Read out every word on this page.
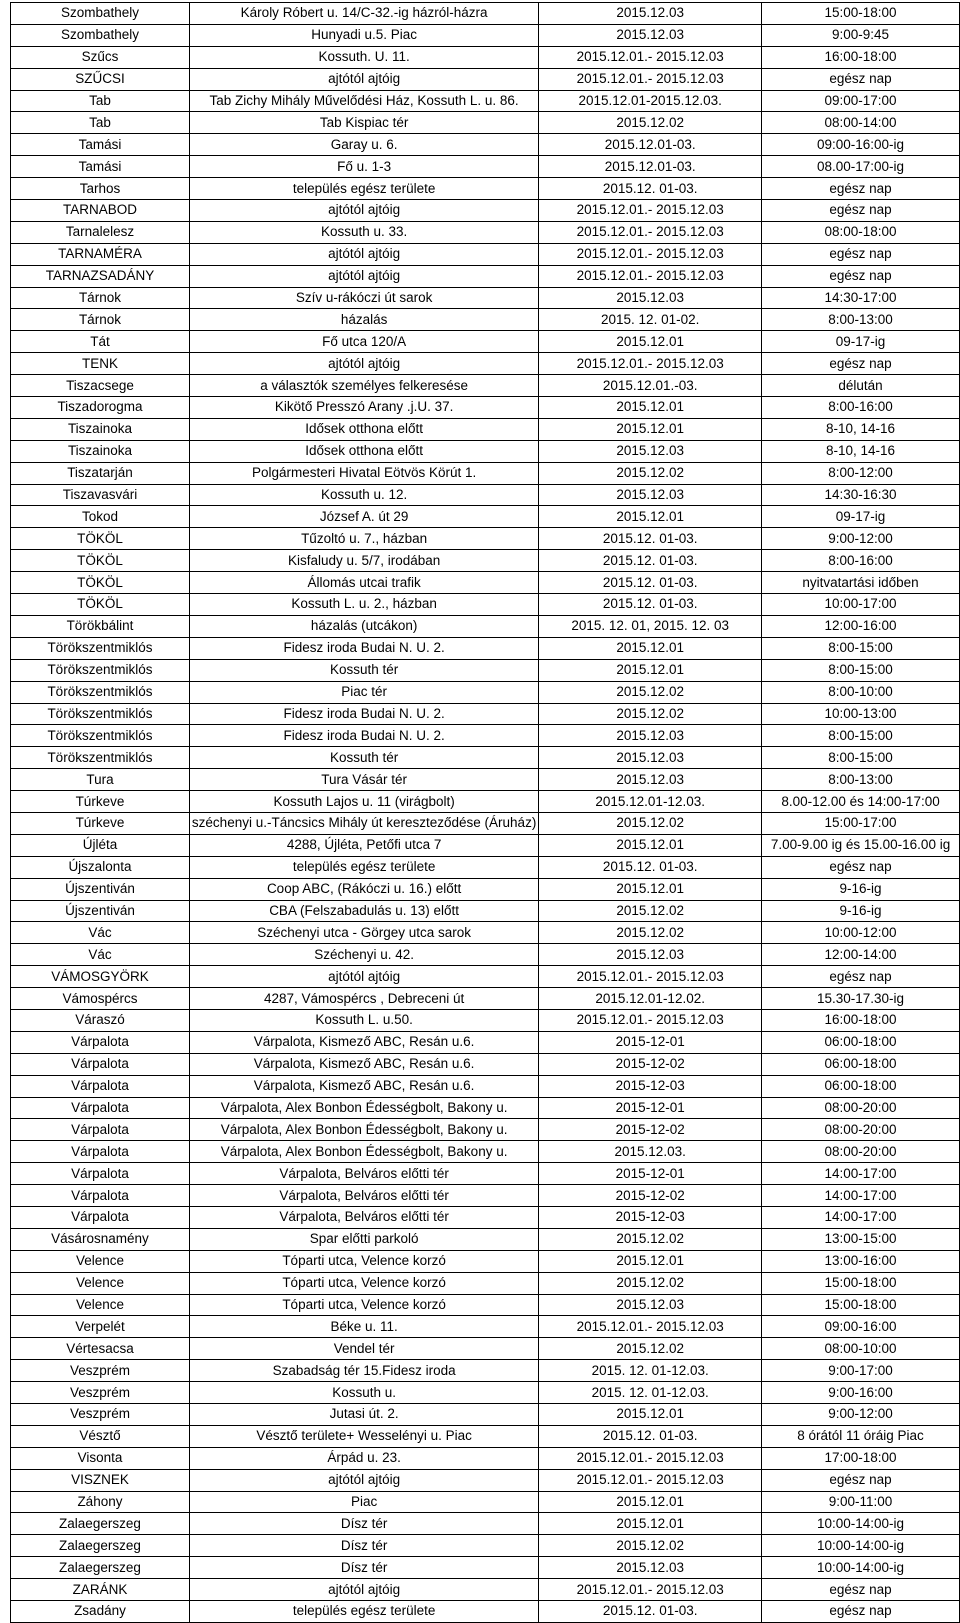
Szombathely	Károly Róbert u. 14/C-32.-ig házról-házra	2015.12.03	15:00-18:00
Szombathely	Hunyadi u.5. Piac	2015.12.03	9:00-9:45
Szűcs	Kossuth. U. 11.	2015.12.01.- 2015.12.03	16:00-18:00
SZŰCSI	ajtótól ajtóig	2015.12.01.- 2015.12.03	egész nap
Tab	Tab Zichy Mihály Művelődési Ház, Kossuth L. u. 86.	2015.12.01-2015.12.03.	09:00-17:00
Tab	Tab Kispiac tér	2015.12.02	08:00-14:00
Tamási	Garay u. 6.	2015.12.01-03.	09:00-16:00-ig
Tamási	Fő u. 1-3	2015.12.01-03.	08.00-17:00-ig
Tarhos	település egész területe	2015.12. 01-03.	egész nap
TARNABOD	ajtótól ajtóig	2015.12.01.- 2015.12.03	egész nap
Tarnalelesz	Kossuth u. 33.	2015.12.01.- 2015.12.03	08:00-18:00
TARNAMÉRA	ajtótól ajtóig	2015.12.01.- 2015.12.03	egész nap
TARNAZSADÁNY	ajtótól ajtóig	2015.12.01.- 2015.12.03	egész nap
Tárnok	Szív u-rákóczi út sarok	2015.12.03	14:30-17:00
Tárnok	házalás	2015. 12. 01-02.	8:00-13:00
Tát	Fő utca 120/A	2015.12.01	09-17-ig
TENK	ajtótól ajtóig	2015.12.01.- 2015.12.03	egész nap
Tiszacsege	a választók személyes felkeresése	2015.12.01.-03.	délután
Tiszadorogma	Kikötő Presszó Arany .j.U. 37.	2015.12.01	8:00-16:00
Tiszainoka	Idősek otthona előtt	2015.12.01	8-10, 14-16
Tiszainoka	Idősek otthona előtt	2015.12.03	8-10, 14-16
Tiszatarján	Polgármesteri Hivatal Eötvös Körút 1.	2015.12.02	8:00-12:00
Tiszavasvári	Kossuth u. 12.	2015.12.03	14:30-16:30
Tokod	József A. út 29	2015.12.01	09-17-ig
TÖKÖL	Tűzoltó u. 7., házban	2015.12. 01-03.	9:00-12:00
TÖKÖL	Kisfaludy u. 5/7, irodában	2015.12. 01-03.	8:00-16:00
TÖKÖL	Állomás utcai trafik	2015.12. 01-03.	nyitvatartási időben
TÖKÖL	Kossuth L. u. 2., házban	2015.12. 01-03.	10:00-17:00
Törökbálint	házalás (utcákon)	2015. 12. 01, 2015. 12. 03	12:00-16:00
Törökszentmiklós	Fidesz iroda Budai N. U. 2.	2015.12.01	8:00-15:00
Törökszentmiklós	Kossuth tér	2015.12.01	8:00-15:00
Törökszentmiklós	Piac tér	2015.12.02	8:00-10:00
Törökszentmiklós	Fidesz iroda Budai N. U. 2.	2015.12.02	10:00-13:00
Törökszentmiklós	Fidesz iroda Budai N. U. 2.	2015.12.03	8:00-15:00
Törökszentmiklós	Kossuth tér	2015.12.03	8:00-15:00
Tura	Tura Vásár tér	2015.12.03	8:00-13:00
Túrkeve	Kossuth Lajos u. 11 (virágbolt)	2015.12.01-12.03.	8.00-12.00 és 14:00-17:00
Túrkeve	széchenyi u.-Táncsics Mihály út kereszteződése (Áruház)	2015.12.02	15:00-17:00
Újléta	4288, Újléta, Petőfi utca 7	2015.12.01	7.00-9.00 ig és 15.00-16.00 ig
Újszalonta	település egész területe	2015.12. 01-03.	egész nap
Újszentiván	Coop ABC, (Rákóczi u. 16.) előtt	2015.12.01	9-16-ig
Újszentiván	CBA (Felszabadulás u. 13) előtt	2015.12.02	9-16-ig
Vác	Széchenyi utca - Görgey utca sarok	2015.12.02	10:00-12:00
Vác	Széchenyi u. 42.	2015.12.03	12:00-14:00
VÁMOSGYÖRK	ajtótól ajtóig	2015.12.01.- 2015.12.03	egész nap
Vámospércs	4287, Vámospércs , Debreceni út	2015.12.01-12.02.	15.30-17.30-ig
Váraszó	Kossuth L. u.50.	2015.12.01.- 2015.12.03	16:00-18:00
Várpalota	Várpalota, Kismező ABC, Resán u.6.	2015-12-01	06:00-18:00
Várpalota	Várpalota, Kismező ABC, Resán u.6.	2015-12-02	06:00-18:00
Várpalota	Várpalota, Kismező ABC, Resán u.6.	2015-12-03	06:00-18:00
Várpalota	Várpalota, Alex Bonbon Édességbolt, Bakony u.	2015-12-01	08:00-20:00
Várpalota	Várpalota, Alex Bonbon Édességbolt, Bakony u.	2015-12-02	08:00-20:00
Várpalota	Várpalota, Alex Bonbon Édességbolt, Bakony u.	2015.12.03.	08:00-20:00
Várpalota	Várpalota, Belváros előtti tér	2015-12-01	14:00-17:00
Várpalota	Várpalota, Belváros előtti tér	2015-12-02	14:00-17:00
Várpalota	Várpalota, Belváros előtti tér	2015-12-03	14:00-17:00
Vásárosnamény	Spar előtti parkoló	2015.12.02	13:00-15:00
Velence	Tóparti utca, Velence korzó	2015.12.01	13:00-16:00
Velence	Tóparti utca, Velence korzó	2015.12.02	15:00-18:00
Velence	Tóparti utca, Velence korzó	2015.12.03	15:00-18:00
Verpelét	Béke u. 11.	2015.12.01.- 2015.12.03	09:00-16:00
Vértesacsa	Vendel tér	2015.12.02	08:00-10:00
Veszprém	Szabadság tér 15.Fidesz iroda	2015. 12. 01-12.03.	9:00-17:00
Veszprém	Kossuth u.	2015. 12. 01-12.03.	9:00-16:00
Veszprém	Jutasi út. 2.	2015.12.01	9:00-12:00
Vésztő	Vésztő területe+ Wesselényi u. Piac	2015.12. 01-03.	8 órától 11 óráig Piac
Visonta	Árpád u. 23.	2015.12.01.- 2015.12.03	17:00-18:00
VISZNEK	ajtótól ajtóig	2015.12.01.- 2015.12.03	egész nap
Záhony	Piac	2015.12.01	9:00-11:00
Zalaegerszeg	Dísz tér	2015.12.01	10:00-14:00-ig
Zalaegerszeg	Dísz tér	2015.12.02	10:00-14:00-ig
Zalaegerszeg	Dísz tér	2015.12.03	10:00-14:00-ig
ZARÁNK	ajtótól ajtóig	2015.12.01.- 2015.12.03	egész nap
Zsadány	település egész területe	2015.12. 01-03.	egész nap
